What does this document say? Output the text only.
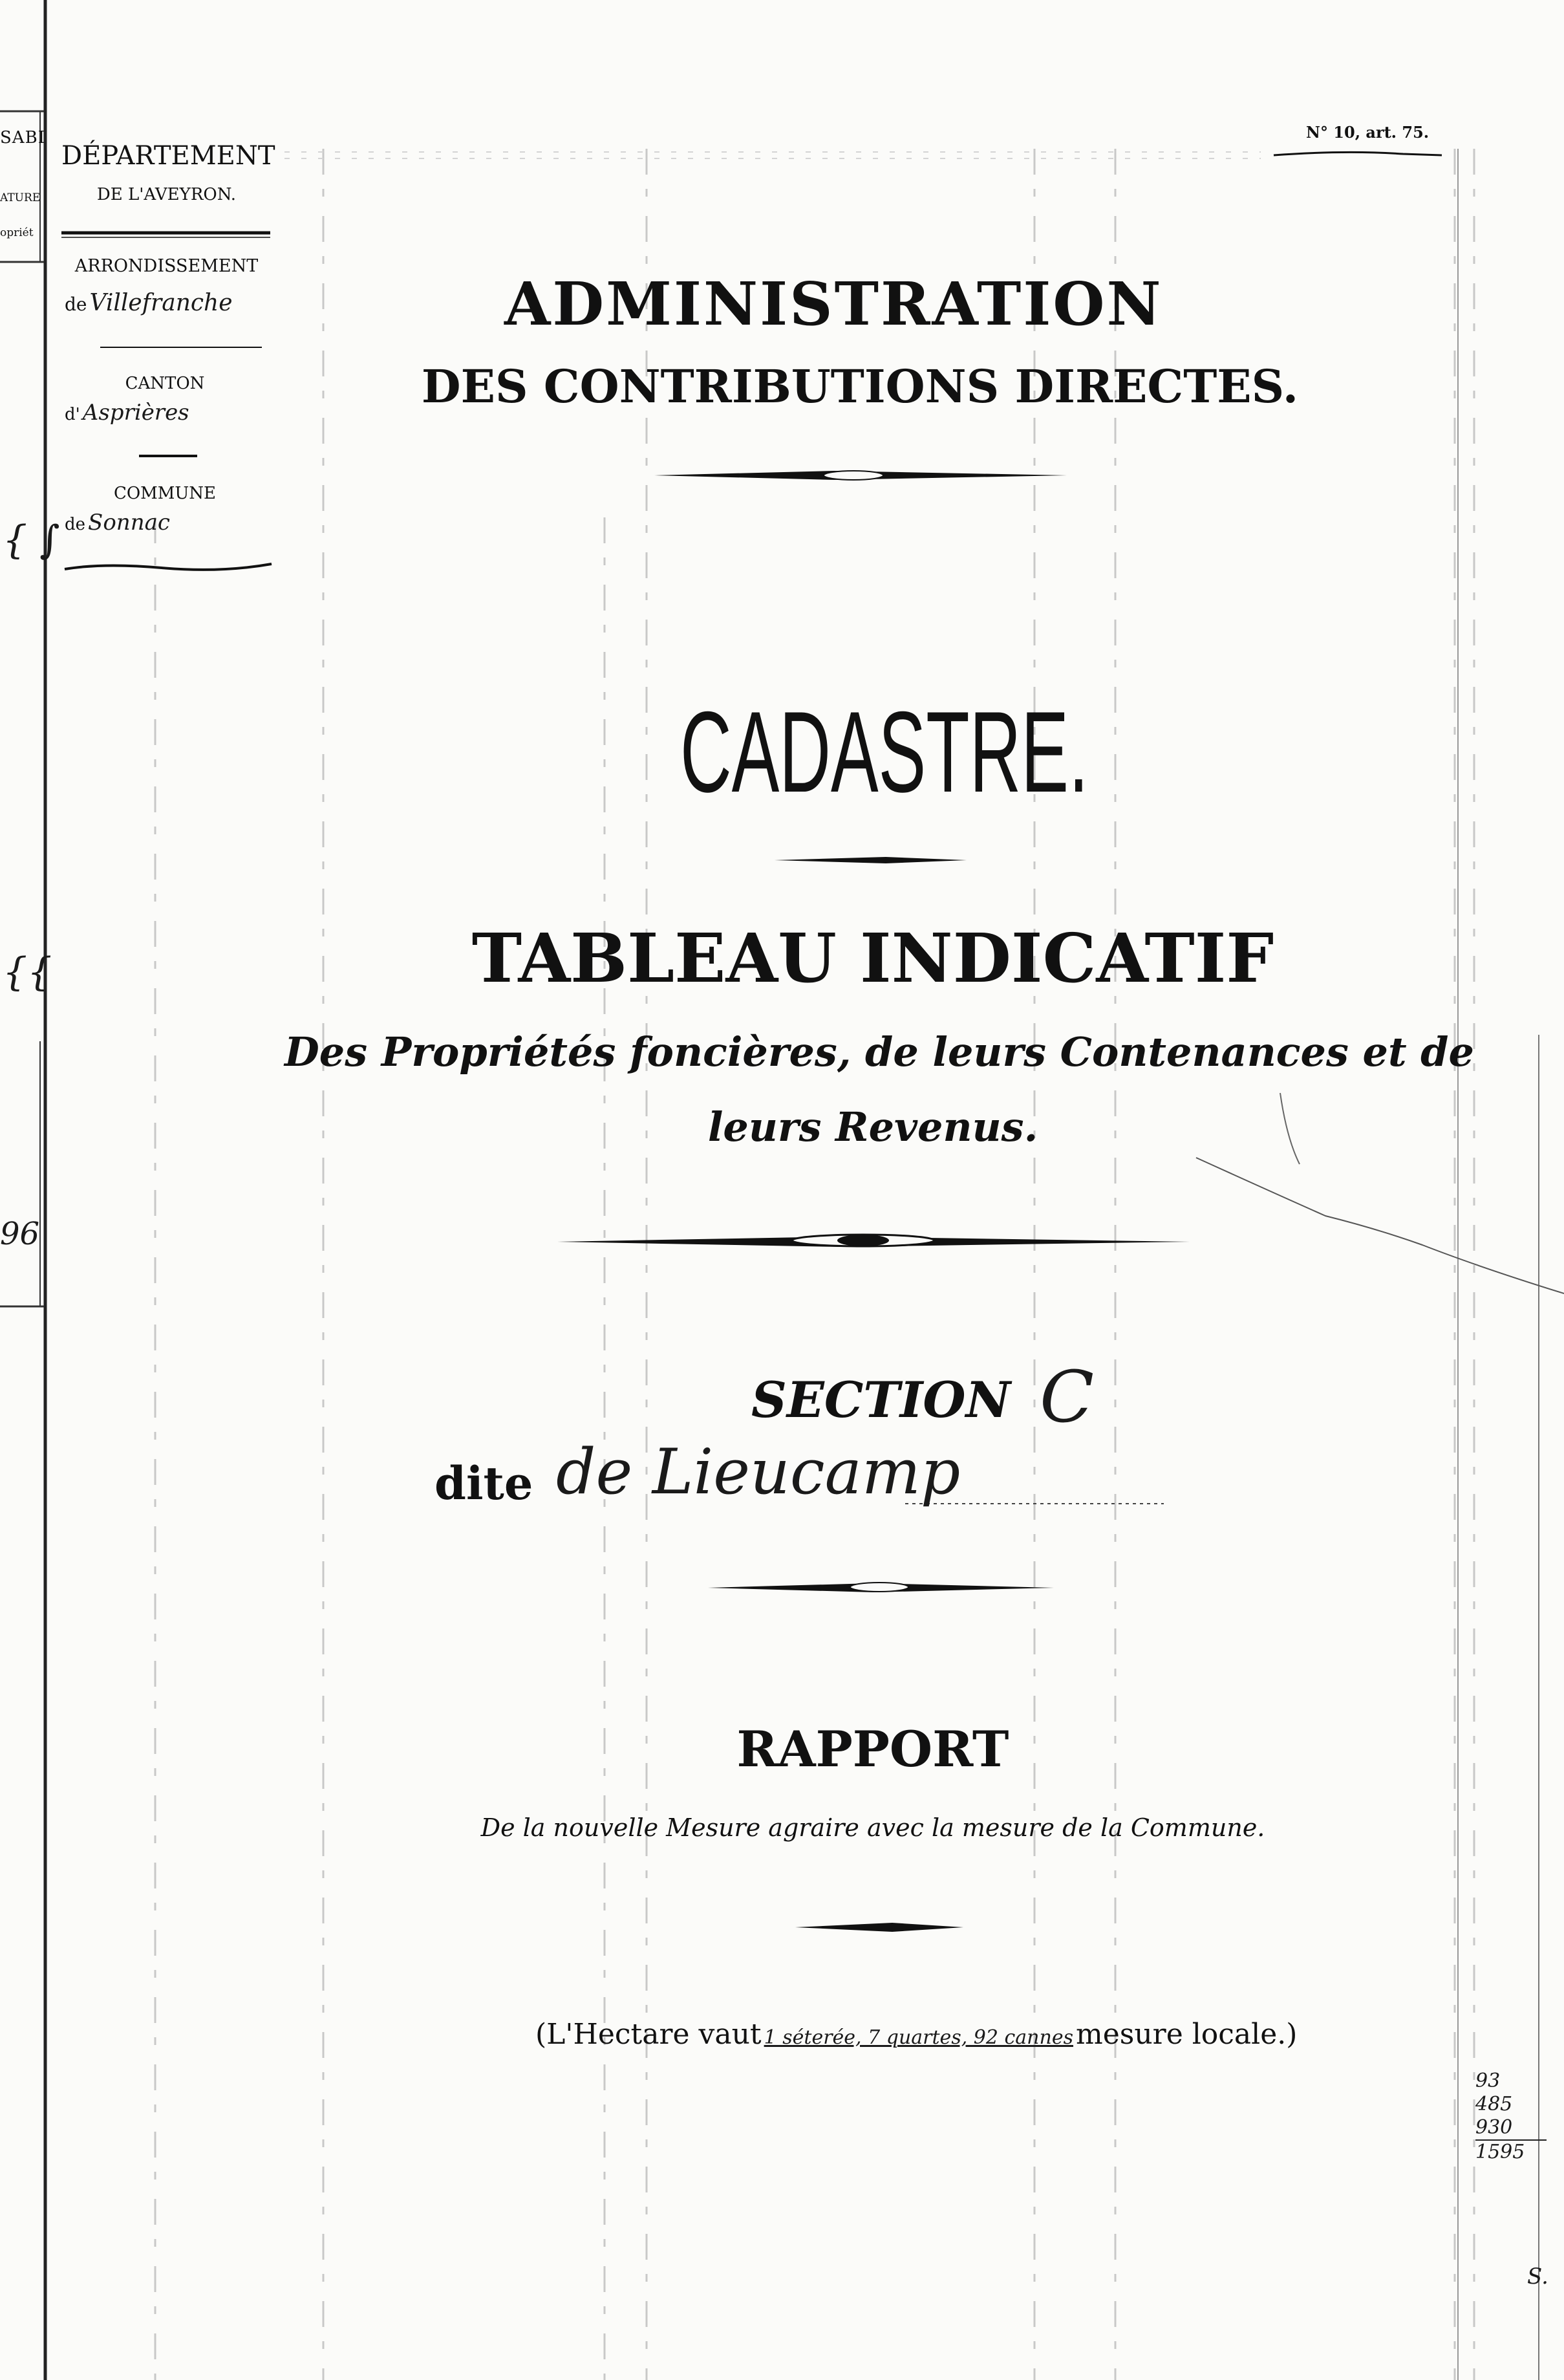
SABI
ATURE
opriét
{ ∫
{{
96
N° 10, art. 75.
DÉPARTEMENT
DE L'AVEYRON.
ARRONDISSEMENT
de Villefranche
CANTON
d' Asprières
COMMUNE
de Sonnac
ADMINISTRATION
DES CONTRIBUTIONS DIRECTES.
CADASTRE.
TABLEAU INDICATIF
Des Propriétés foncières, de leurs Contenances et de
leurs Revenus.
SECTION C
dite de Lieucamp
RAPPORT
De la nouvelle Mesure agraire avec la mesure de la Commune.
(L'Hectare vaut 1 séterée, 7 quartes, 92 cannes mesure locale.)
93
485
930
1595
S.
